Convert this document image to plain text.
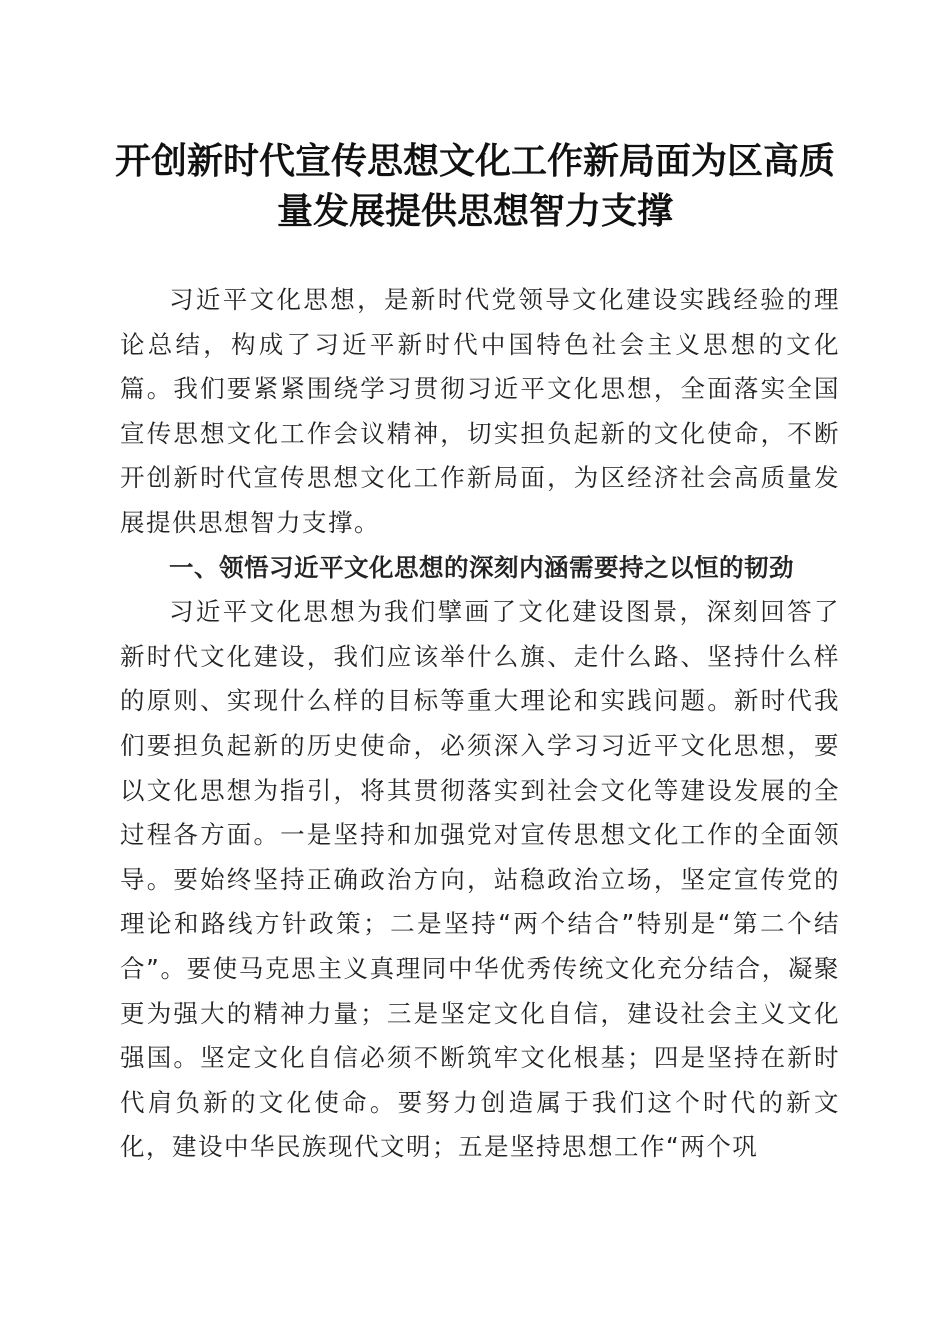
开创新时代宣传思想文化工作新局面为区高质
量发展提供思想智力支撑

习近平文化思想，是新时代党领导文化建设实践经验的理论总结，构成了习近平新时代中国特色社会主义思想的文化篇。我们要紧紧围绕学习贯彻习近平文化思想，全面落实全国宣传思想文化工作会议精神，切实担负起新的文化使命，不断开创新时代宣传思想文化工作新局面，为区经济社会高质量发展提供思想智力支撑。

一、领悟习近平文化思想的深刻内涵需要持之以恒的韧劲

习近平文化思想为我们擘画了文化建设图景，深刻回答了新时代文化建设，我们应该举什么旗、走什么路、坚持什么样的原则、实现什么样的目标等重大理论和实践问题。新时代我们要担负起新的历史使命，必须深入学习习近平文化思想，要以文化思想为指引，将其贯彻落实到社会文化等建设发展的全过程各方面。一是坚持和加强党对宣传思想文化工作的全面领导。要始终坚持正确政治方向，站稳政治立场，坚定宣传党的理论和路线方针政策；二是坚持“两个结合”特别是“第二个结合”。要使马克思主义真理同中华优秀传统文化充分结合，凝聚更为强大的精神力量；三是坚定文化自信，建设社会主义文化强国。坚定文化自信必须不断筑牢文化根基；四是坚持在新时代肩负新的文化使命。要努力创造属于我们这个时代的新文化，建设中华民族现代文明；五是坚持思想工作“两个巩
